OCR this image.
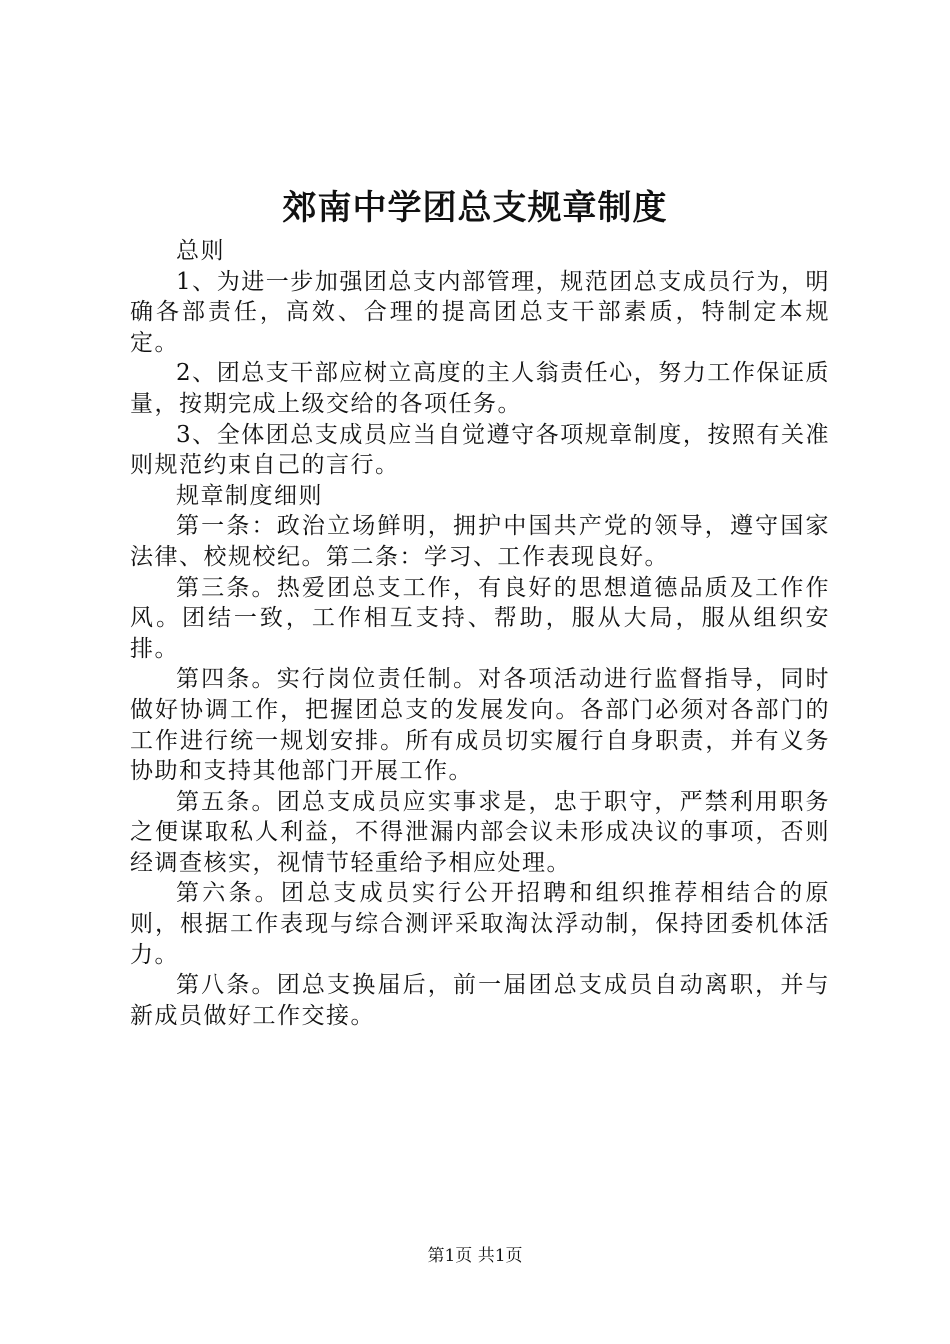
郊南中学团总支规章制度

总则

1、为进一步加强团总支内部管理，规范团总支成员行为，明确各部责任，高效、合理的提高团总支干部素质，特制定本规定。

2、团总支干部应树立高度的主人翁责任心，努力工作保证质量，按期完成上级交给的各项任务。

3、全体团总支成员应当自觉遵守各项规章制度，按照有关准则规范约束自己的言行。

规章制度细则

第一条：政治立场鲜明，拥护中国共产党的领导，遵守国家法律、校规校纪。第二条：学习、工作表现良好。

第三条。热爱团总支工作，有良好的思想道德品质及工作作风。团结一致，工作相互支持、帮助，服从大局，服从组织安排。

第四条。实行岗位责任制。对各项活动进行监督指导，同时做好协调工作，把握团总支的发展发向。各部门必须对各部门的工作进行统一规划安排。所有成员切实履行自身职责，并有义务协助和支持其他部门开展工作。

第五条。团总支成员应实事求是，忠于职守，严禁利用职务之便谋取私人利益，不得泄漏内部会议未形成决议的事项，否则经调查核实，视情节轻重给予相应处理。

第六条。团总支成员实行公开招聘和组织推荐相结合的原则，根据工作表现与综合测评采取淘汰浮动制，保持团委机体活力。

第八条。团总支换届后，前一届团总支成员自动离职，并与新成员做好工作交接。

第1页 共1页
